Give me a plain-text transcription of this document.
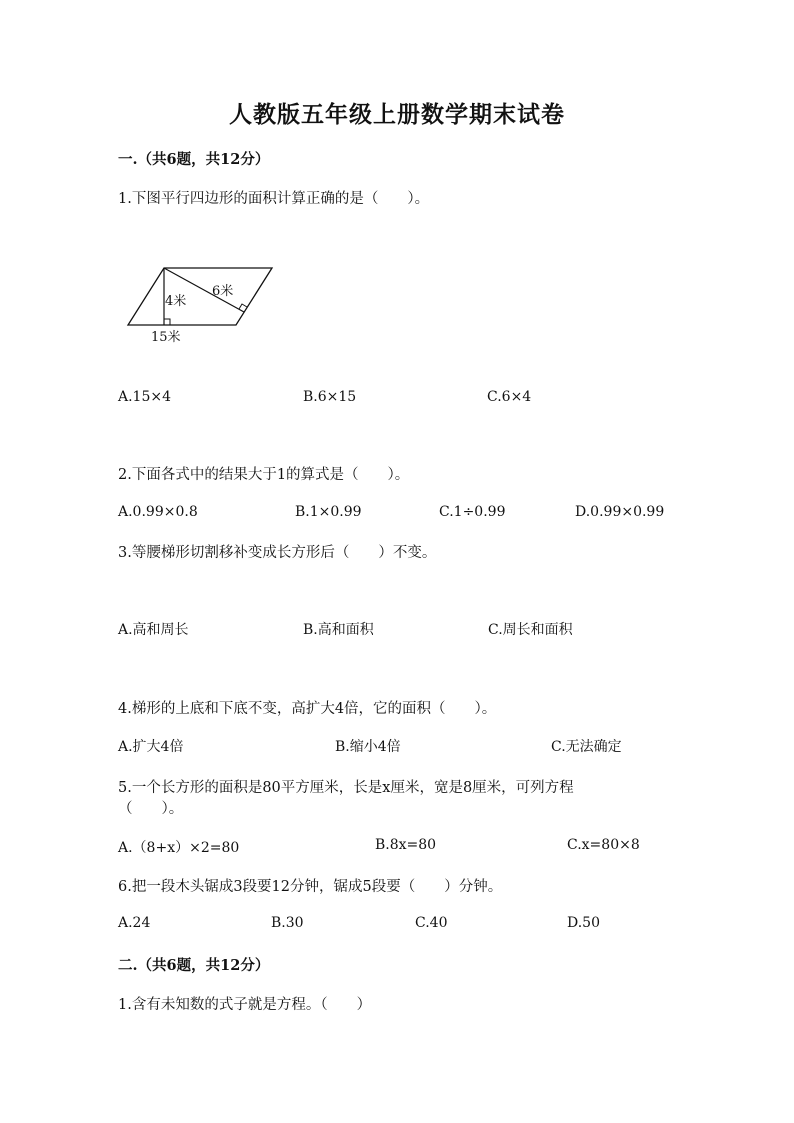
人教版五年级上册数学期末试卷
一.（共6题，共12分）
1.下图平行四边形的面积计算正确的是（　　）。
4米
6米
15米
A.15×4	B.6×15	C.6×4
2.下面各式中的结果大于1的算式是（　　）。
A.0.99×0.8	B.1×0.99	C.1÷0.99	D.0.99×0.99
3.等腰梯形切割移补变成长方形后（　　）不变。
A.高和周长	B.高和面积	C.周长和面积
4.梯形的上底和下底不变，高扩大4倍，它的面积（　　）。
A.扩大4倍	B.缩小4倍	C.无法确定
5.一个长方形的面积是80平方厘米，长是x厘米，宽是8厘米，可列方程
（　　）。
A.（8+x）×2=80	B.8x=80	C.x=80×8
6.把一段木头锯成3段要12分钟，锯成5段要（　　）分钟。
A.24	B.30	C.40	D.50
二.（共6题，共12分）
1.含有未知数的式子就是方程。（　　）
